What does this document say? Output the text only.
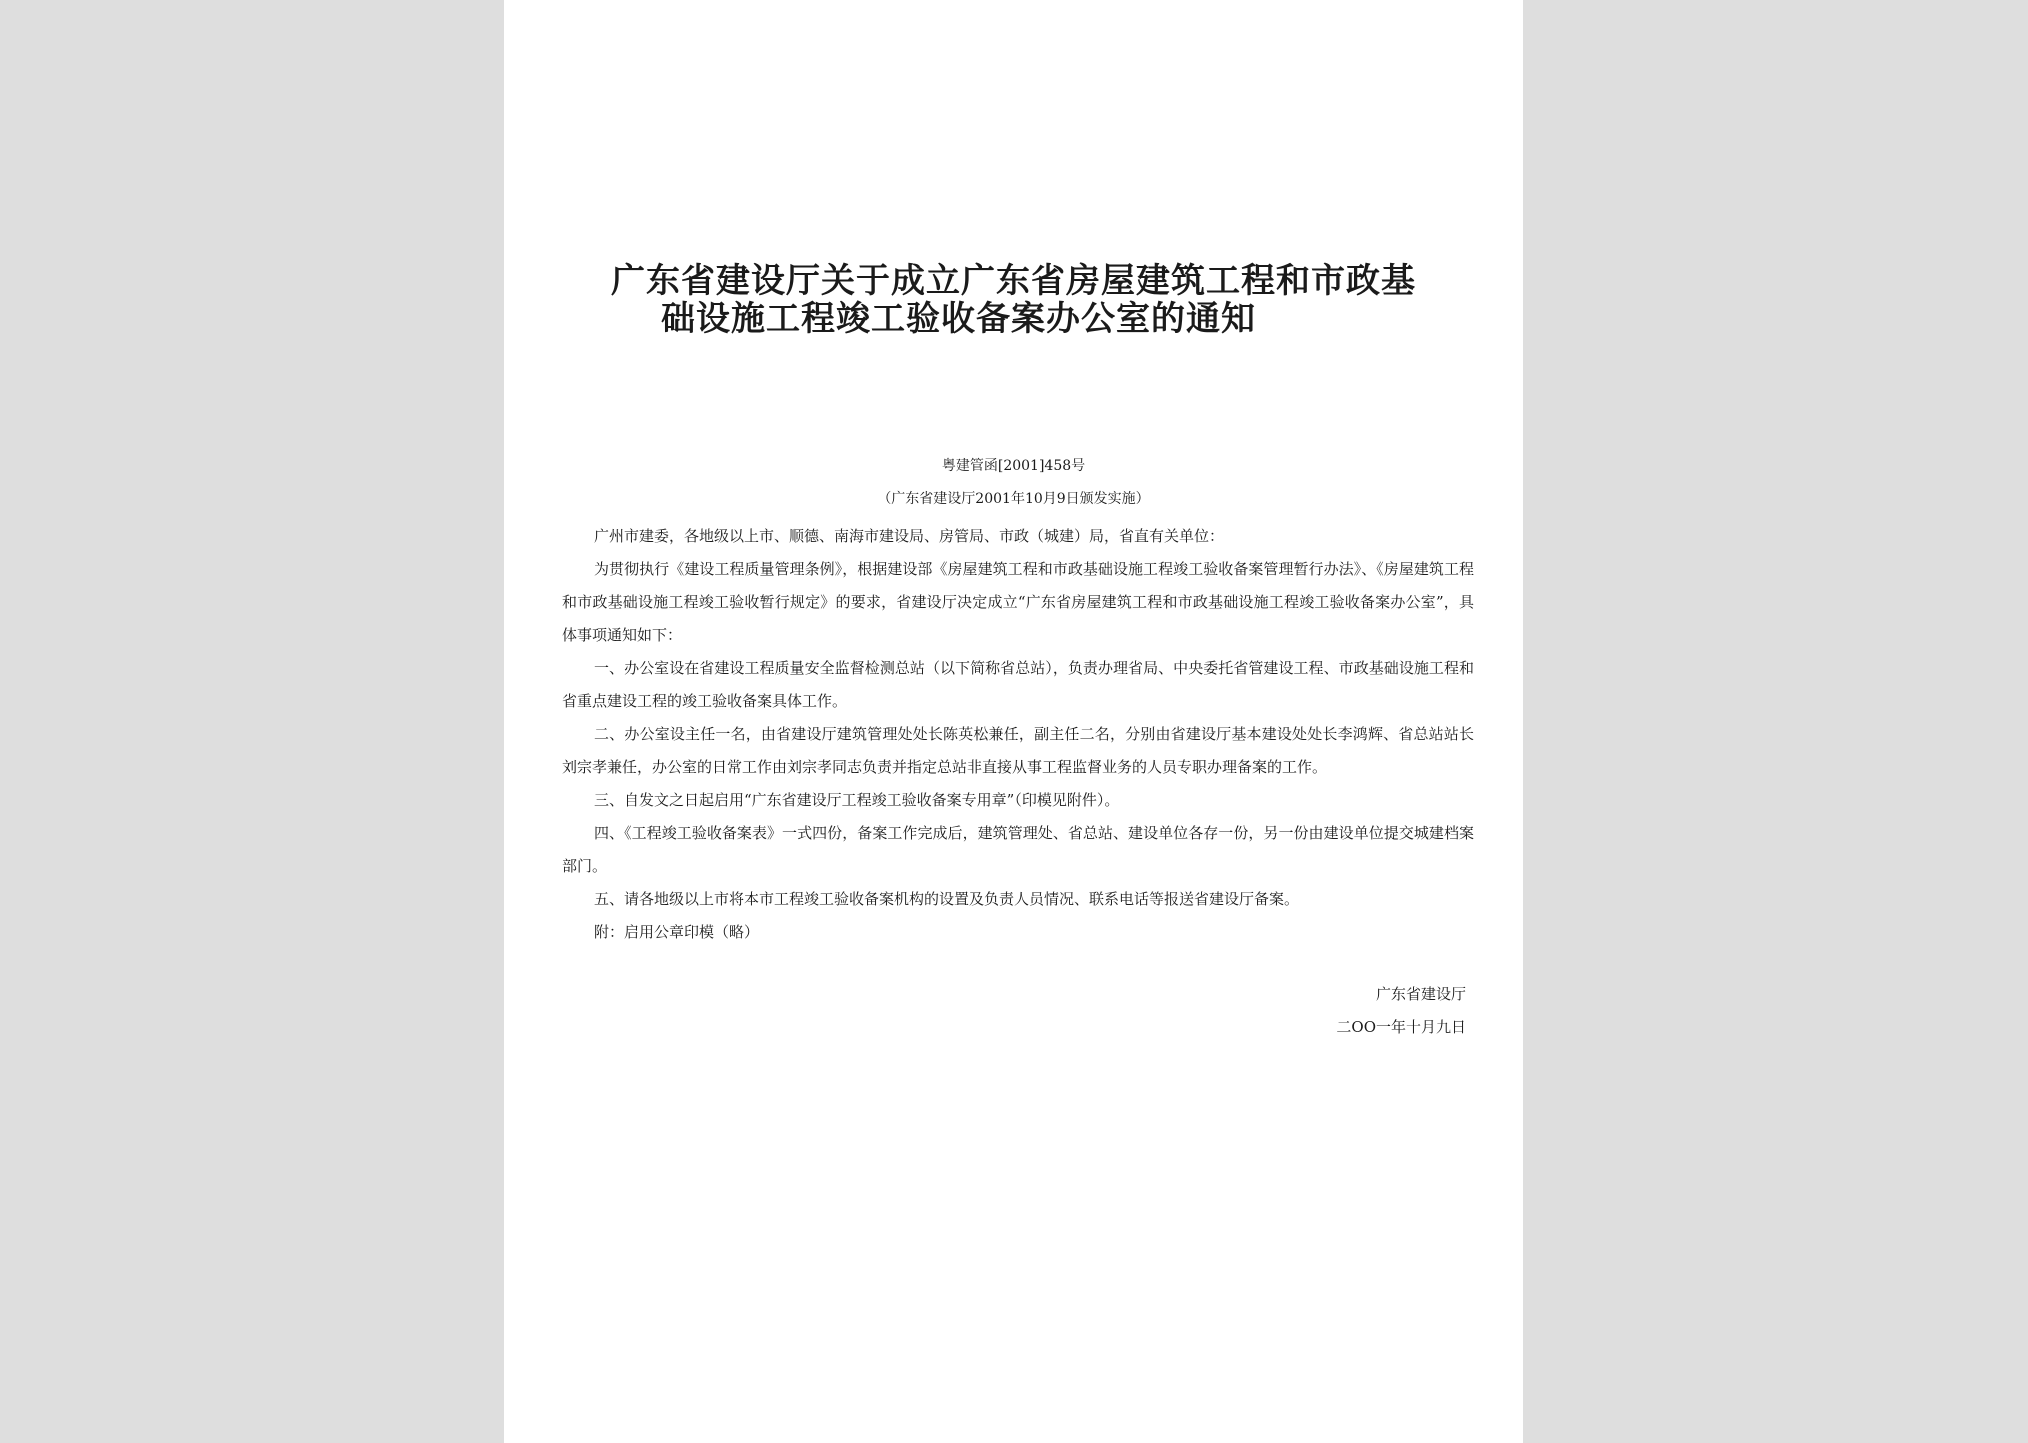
广东省建设厅关于成立广东省房屋建筑工程和市政基
础设施工程竣工验收备案办公室的通知
粤建管函[2001]458号
（广东省建设厅2001年10月9日颁发实施）

广州市建委，各地级以上市、顺德、南海市建设局、房管局、市政（城建）局，省直有关单位：

为贯彻执行《建设工程质量管理条例》，根据建设部《房屋建筑工程和市政基础设施工程竣工验收备案管理暂行办法》、《房屋建筑工程和市政基础设施工程竣工验收暂行规定》的要求，省建设厅决定成立“广东省房屋建筑工程和市政基础设施工程竣工验收备案办公室”，具体事项通知如下：

一、办公室设在省建设工程质量安全监督检测总站（以下简称省总站），负责办理省局、中央委托省管建设工程、市政基础设施工程和省重点建设工程的竣工验收备案具体工作。

二、办公室设主任一名，由省建设厅建筑管理处处长陈英松兼任，副主任二名，分别由省建设厅基本建设处处长李鸿辉、省总站站长刘宗孝兼任，办公室的日常工作由刘宗孝同志负责并指定总站非直接从事工程监督业务的人员专职办理备案的工作。

三、自发文之日起启用“广东省建设厅工程竣工验收备案专用章”（印模见附件）。

四、《工程竣工验收备案表》一式四份，备案工作完成后，建筑管理处、省总站、建设单位各存一份，另一份由建设单位提交城建档案部门。

五、请各地级以上市将本市工程竣工验收备案机构的设置及负责人员情况、联系电话等报送省建设厅备案。

附：启用公章印模（略）

广东省建设厅
二OO一年十月九日
